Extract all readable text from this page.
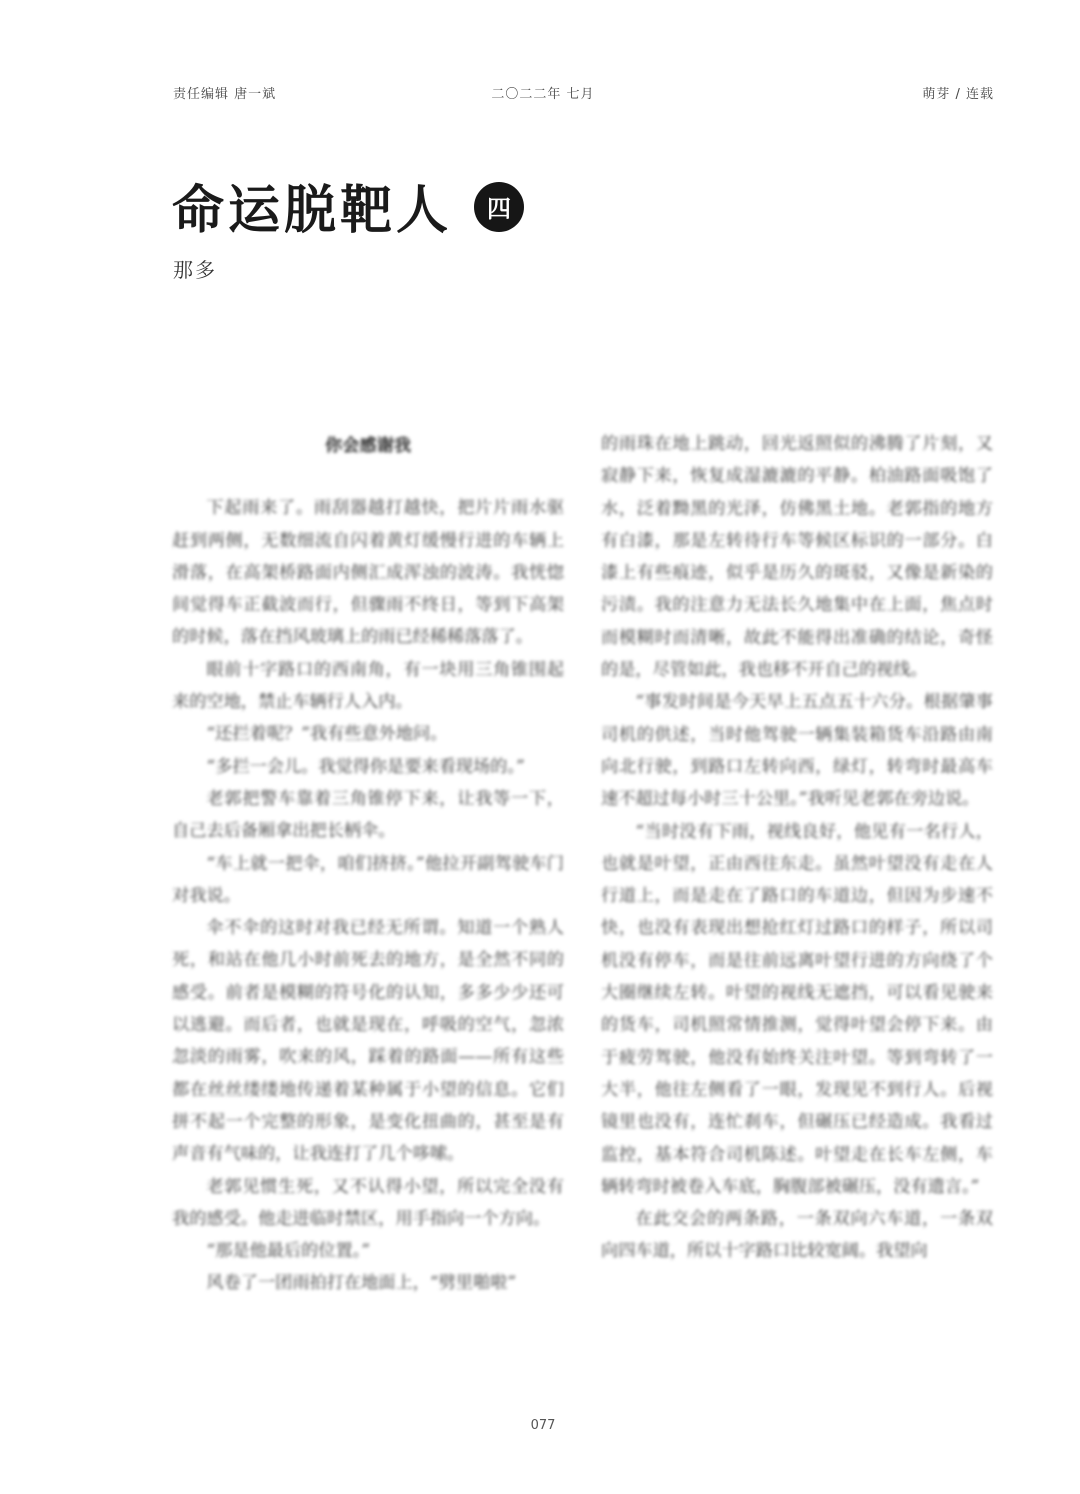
责任编辑 唐一斌	二〇二二年 七月	萌芽 / 连载
命运脱靶人	四
那多

你会感谢我

下起雨来了。雨刮器越打越快，把片片雨水驱赶到两侧，无数细流自闪着黄灯缓慢行进的车辆上滑落，在高架桥路面内侧汇成浑浊的波涛。我恍惚间觉得车正截波而行，但骤雨不终日，等到下高架的时候，落在挡风玻璃上的雨已经稀稀落落了。

眼前十字路口的西南角，有一块用三角锥围起来的空地，禁止车辆行人入内。

“还拦着呢？”我有些意外地问。

“多拦一会儿。我觉得你是要来看现场的。”

老郭把警车靠着三角锥停下来，让我等一下，自己去后备厢拿出把长柄伞。

“车上就一把伞，咱们挤挤。”他拉开副驾驶车门对我说。

伞不伞的这时对我已经无所谓。知道一个熟人死，和站在他几小时前死去的地方，是全然不同的感受。前者是模糊的符号化的认知，多多少少还可以逃避。而后者，也就是现在，呼吸的空气，忽浓忽淡的雨雾，吹来的风，踩着的路面——所有这些都在丝丝缕缕地传递着某种属于小望的信息。它们拼不起一个完整的形象，是变化扭曲的，甚至是有声音有气味的，让我连打了几个哆嗦。

老郭见惯生死，又不认得小望，所以完全没有我的感受。他走进临时禁区，用手指向一个方向。

“那是他最后的位置。”

风卷了一团雨拍打在地面上，“劈里啪啦”

的雨珠在地上跳动，回光返照似的沸腾了片刻，又寂静下来，恢复成湿漉漉的平静。柏油路面吸饱了水，泛着黝黑的光泽，仿佛黑土地。老郭指的地方有白漆，那是左转待行车等候区标识的一部分。白漆上有些痕迹，似乎是历久的斑驳，又像是新染的污渍。我的注意力无法长久地集中在上面，焦点时而模糊时而清晰，故此不能得出准确的结论，奇怪的是，尽管如此，我也移不开自己的视线。

“事发时间是今天早上五点五十六分。根据肇事司机的供述，当时他驾驶一辆集装箱货车沿路由南向北行驶，到路口左转向西，绿灯，转弯时最高车速不超过每小时三十公里。”我听见老郭在旁边说。

“当时没有下雨，视线良好，他见有一名行人，也就是叶望，正由西往东走。虽然叶望没有走在人行道上，而是走在了路口的车道边，但因为步速不快，也没有表现出想抢红灯过路口的样子，所以司机没有停车，而是往前远离叶望行进的方向绕了个大圈继续左转。叶望的视线无遮挡，可以看见驶来的货车，司机照常情推测，觉得叶望会停下来。由于疲劳驾驶，他没有始终关注叶望。等到弯转了一大半，他往左侧看了一眼，发现见不到行人。后视镜里也没有，连忙刹车，但碾压已经造成。我看过监控，基本符合司机陈述。叶望走在长车左侧，车辆转弯时被卷入车底，胸腹部被碾压，没有遗言。”

在此交会的两条路，一条双向六车道，一条双向四车道，所以十字路口比较宽阔。我望向

077
